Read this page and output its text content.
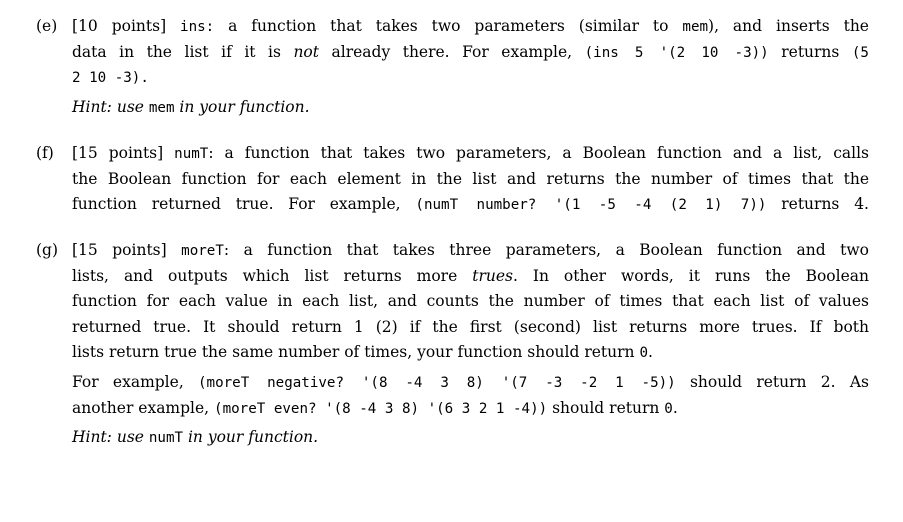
(e) [10 points] ins: a function that takes two parameters (similar to mem), and inserts the
data in the list if it is not already there. For example, (ins 5 '(2 10 -3)) returns (5
2 10 -3).
Hint: use mem in your function.
(f) [15 points] numT: a function that takes two parameters, a Boolean function and a list, calls
the Boolean function for each element in the list and returns the number of times that the
function returned true. For example, (numT number? '(1 -5 -4 (2 1) 7)) returns 4.
(g) [15 points] moreT: a function that takes three parameters, a Boolean function and two
lists, and outputs which list returns more trues. In other words, it runs the Boolean
function for each value in each list, and counts the number of times that each list of values
returned true. It should return 1 (2) if the first (second) list returns more trues. If both
lists return true the same number of times, your function should return 0.
For example, (moreT negative? '(8 -4 3 8) '(7 -3 -2 1 -5)) should return 2. As
another example, (moreT even? '(8 -4 3 8) '(6 3 2 1 -4)) should return 0.
Hint: use numT in your function.
